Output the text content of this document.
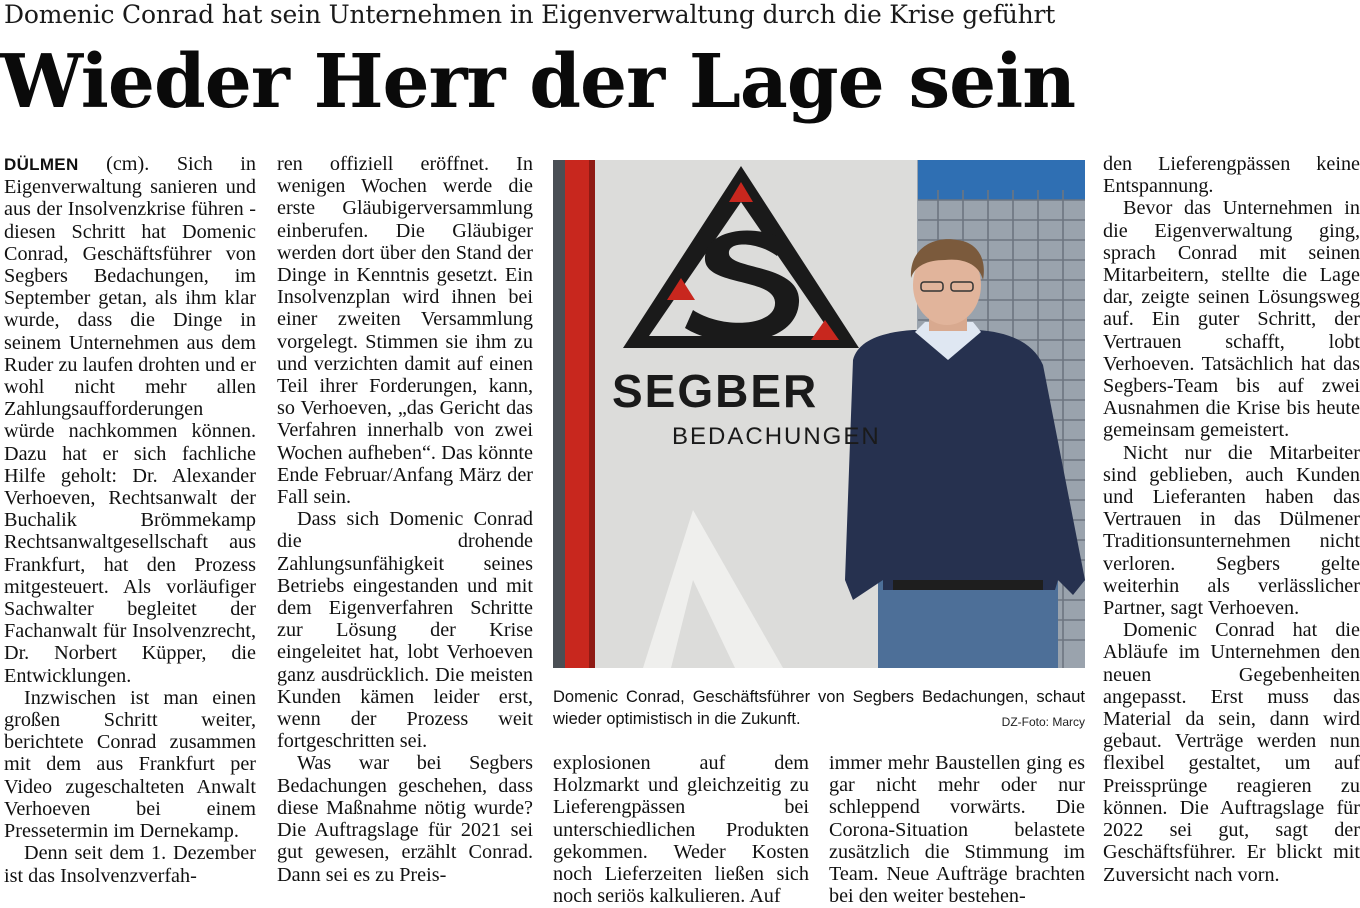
Domenic Conrad hat sein Unternehmen in Eigenverwaltung durch die Krise geführt
Wieder Herr der Lage sein

DÜLMEN (cm). Sich in Eigenverwaltung sanieren und aus der Insolvenzkrise führen - diesen Schritt hat Domenic Conrad, Geschäftsführer von Segbers Bedachungen, im September getan, als ihm klar wurde, dass die Dinge in seinem Unternehmen aus dem Ruder zu laufen drohten und er wohl nicht mehr allen Zahlungsaufforderungen würde nachkommen können. Dazu hat er sich fachliche Hilfe geholt: Dr. Alexander Verhoeven, Rechtsanwalt der Buchalik Brömmekamp Rechtsanwaltgesellschaft aus Frankfurt, hat den Prozess mitgesteuert. Als vorläufiger Sachwalter begleitet der Fachanwalt für Insolvenzrecht, Dr. Norbert Küpper, die Entwicklungen.

Inzwischen ist man einen großen Schritt weiter, berichtete Conrad zusammen mit dem aus Frankfurt per Video zugeschalteten Anwalt Verhoeven bei einem Pressetermin im Dernekamp.

Denn seit dem 1. Dezember ist das Insolvenzverfah-

ren offiziell eröffnet. In wenigen Wochen werde die erste Gläubigerversammlung einberufen. Die Gläubiger werden dort über den Stand der Dinge in Kenntnis gesetzt. Ein Insolvenzplan wird ihnen bei einer zweiten Versammlung vorgelegt. Stimmen sie ihm zu und verzichten damit auf einen Teil ihrer Forderungen, kann, so Verhoeven, „das Gericht das Verfahren innerhalb von zwei Wochen aufheben“. Das könnte Ende Februar/Anfang März der Fall sein.

Dass sich Domenic Conrad die drohende Zahlungsunfähigkeit seines Betriebs eingestanden und mit dem Eigenverfahren Schritte zur Lösung der Krise eingeleitet hat, lobt Verhoeven ganz ausdrücklich. Die meisten Kunden kämen leider erst, wenn der Prozess weit fortgeschritten sei.

Was war bei Segbers Bedachungen geschehen, dass diese Maßnahme nötig wurde? Die Auftragslage für 2021 sei gut gewesen, erzählt Conrad. Dann sei es zu Preis-

SEGBER
BEDACHUNGEN
Domenic Conrad, Geschäftsführer von Segbers Bedachungen, schaut wieder optimistisch in die Zukunft.	DZ-Foto: Marcy

explosionen auf dem Holzmarkt und gleichzeitig zu Lieferengpässen bei unterschiedlichen Produkten gekommen. Weder Kosten noch Lieferzeiten ließen sich noch seriös kalkulieren. Auf

immer mehr Baustellen ging es gar nicht mehr oder nur schleppend vorwärts. Die Corona-Situation belastete zusätzlich die Stimmung im Team. Neue Aufträge brachten bei den weiter bestehen-

den Lieferengpässen keine Entspannung.

Bevor das Unternehmen in die Eigenverwaltung ging, sprach Conrad mit seinen Mitarbeitern, stellte die Lage dar, zeigte seinen Lösungsweg auf. Ein guter Schritt, der Vertrauen schafft, lobt Verhoeven. Tatsächlich hat das Segbers-Team bis auf zwei Ausnahmen die Krise bis heute gemeinsam gemeistert.

Nicht nur die Mitarbeiter sind geblieben, auch Kunden und Lieferanten haben das Vertrauen in das Dülmener Traditionsunternehmen nicht verloren. Segbers gelte weiterhin als verlässlicher Partner, sagt Verhoeven.

Domenic Conrad hat die Abläufe im Unternehmen den neuen Gegebenheiten angepasst. Erst muss das Material da sein, dann wird gebaut. Verträge werden nun flexibel gestaltet, um auf Preissprünge reagieren zu können. Die Auftragslage für 2022 sei gut, sagt der Geschäftsführer. Er blickt mit Zuversicht nach vorn.
